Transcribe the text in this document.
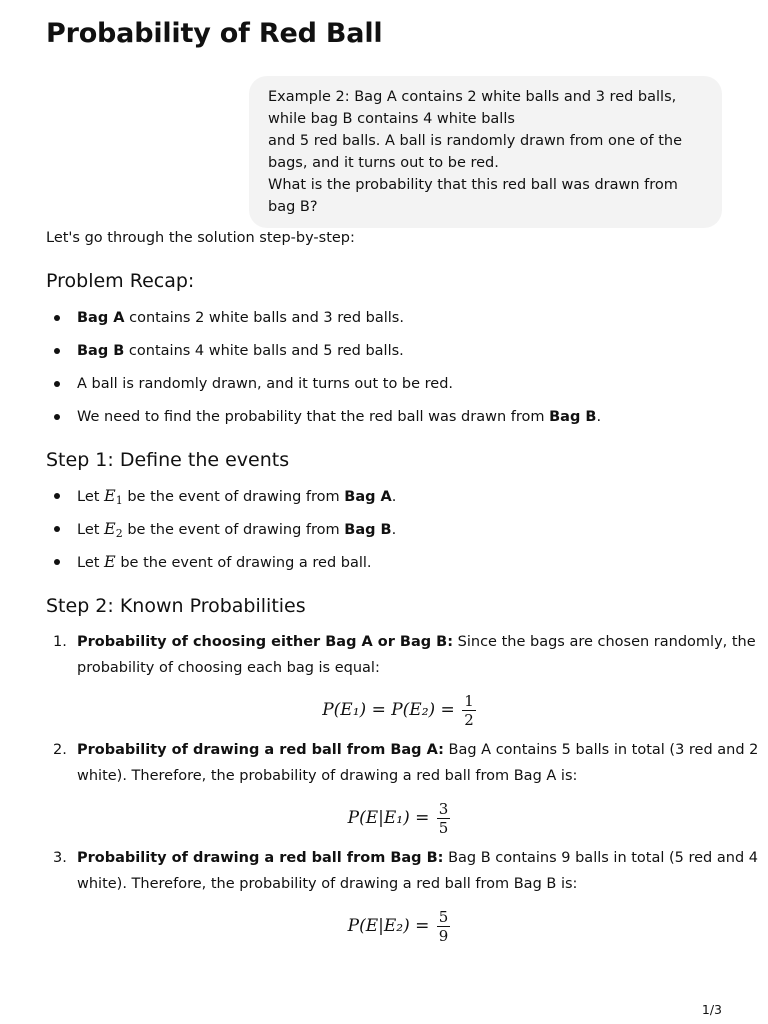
Probability of Red Ball
Example 2: Bag A contains 2 white balls and 3 red balls,
while bag B contains 4 white balls
and 5 red balls. A ball is randomly drawn from one of the
bags, and it turns out to be red.
What is the probability that this red ball was drawn from
bag B?
Let's go through the solution step-by-step:
Problem Recap:
Bag A contains 2 white balls and 3 red balls.
Bag B contains 4 white balls and 5 red balls.
A ball is randomly drawn, and it turns out to be red.
We need to find the probability that the red ball was drawn from Bag B.
Step 1: Define the events
Let $E_1$ be the event of drawing from Bag A.
Let $E_2$ be the event of drawing from Bag B.
Let E be the event of drawing a red ball.
Step 2: Known Probabilities
1. Probability of choosing either Bag A or Bag B: Since the bags are chosen randomly, the
probability of choosing each bag is equal:
$P(E_1) = P(E_2) = \frac{1}{2}$
2. Probability of drawing a red ball from Bag A: Bag A contains 5 balls in total (3 red and 2
white). Therefore, the probability of drawing a red ball from Bag A is:
$P(E|E_1) = \frac{3}{5}$
3. Probability of drawing a red ball from Bag B: Bag B contains 9 balls in total (5 red and 4
white). Therefore, the probability of drawing a red ball from Bag B is:
$P(E|E_2) = \frac{5}{9}$
1/3
